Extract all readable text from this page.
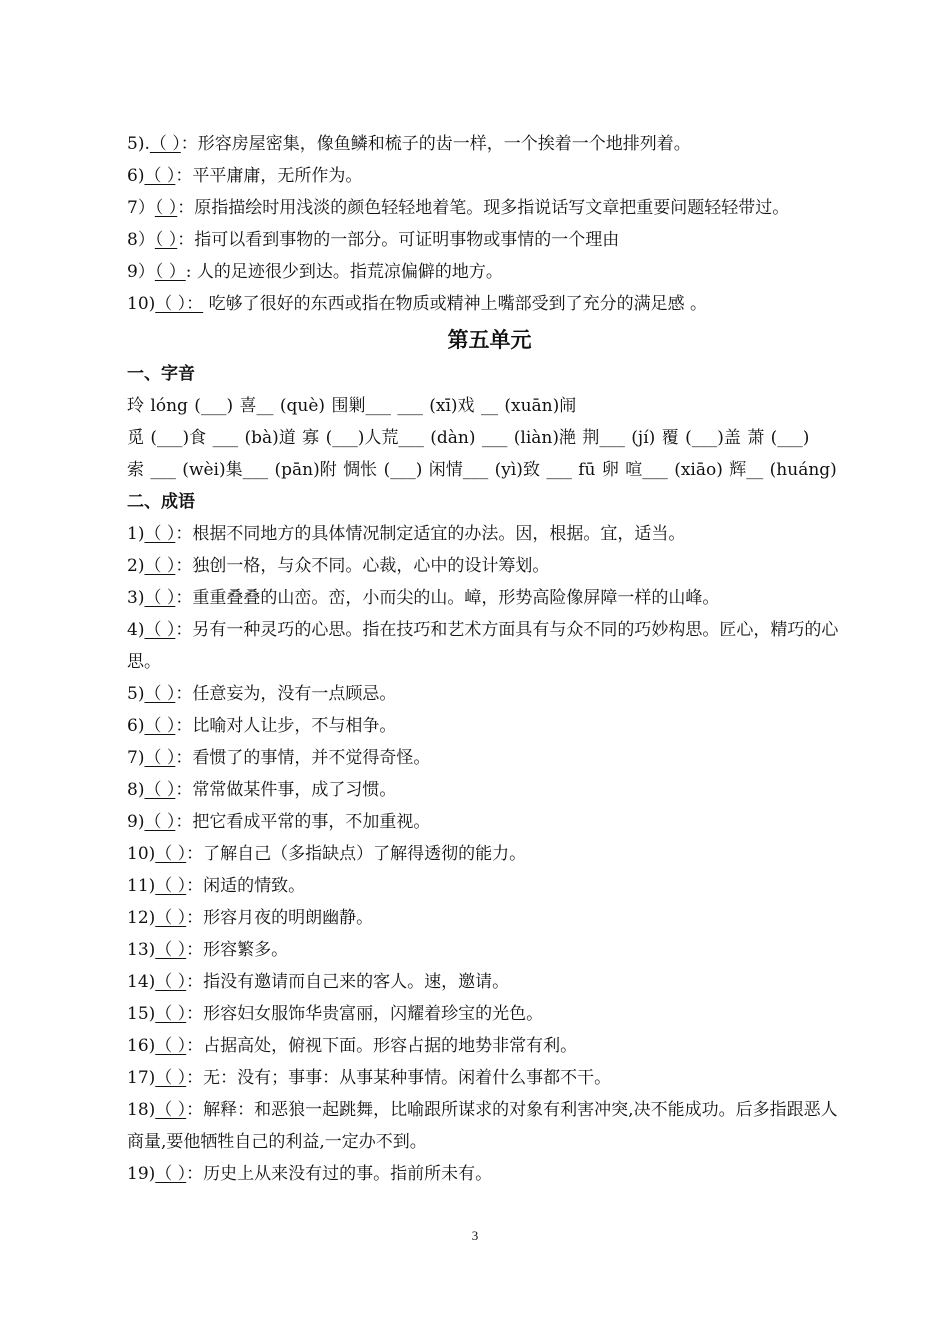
5).（ ）：形容房屋密集，像鱼鳞和梳子的齿一样，一个挨着一个地排列着。
6)（ ）：平平庸庸，无所作为。
7）（ ）：原指描绘时用浅淡的颜色轻轻地着笔。现多指说话写文章把重要问题轻轻带过。
8）（ ）：指可以看到事物的一部分。可证明事物或事情的一个理由
9）（ ）: 人的足迹很少到达。指荒凉偏僻的地方。
10)（ ）： 吃够了很好的东西或指在物质或精神上嘴部受到了充分的满足感 。
第五单元
一、字音
玲 lóng (___) 喜__ (què) 围剿___ ___ (xī)戏 __ (xuān)闹
觅 (___)食 ___ (bà)道 寡 (___)人荒___ (dàn) ___ (liàn)滟 荆___ (jí) 覆 (___)盖 萧 (___)
索 ___ (wèi)集___ (pān)附 惆怅 (___) 闲情___ (yì)致 ___ fū 卵 喧___ (xiāo) 辉__ (huáng)
二、成语
1)（ ）：根据不同地方的具体情况制定适宜的办法。因，根据。宜，适当。
2)（ ）：独创一格，与众不同。心裁，心中的设计筹划。
3)（ ）：重重叠叠的山峦。峦，小而尖的山。嶂，形势高险像屏障一样的山峰。
4)（ ）：另有一种灵巧的心思。指在技巧和艺术方面具有与众不同的巧妙构思。匠心，精巧的心思。
5)（ ）：任意妄为，没有一点顾忌。
6)（ ）：比喻对人让步，不与相争。
7)（ ）：看惯了的事情，并不觉得奇怪。
8)（ ）：常常做某件事，成了习惯。
9)（ ）：把它看成平常的事，不加重视。
10)（ ）：了解自己（多指缺点）了解得透彻的能力。
11)（ ）：闲适的情致。
12)（ ）：形容月夜的明朗幽静。
13)（ ）：形容繁多。
14)（ ）：指没有邀请而自己来的客人。速，邀请。
15)（ ）：形容妇女服饰华贵富丽，闪耀着珍宝的光色。
16)（ ）：占据高处，俯视下面。形容占据的地势非常有利。
17)（ ）：无：没有；事事：从事某种事情。闲着什么事都不干。
18)（ ）：解释：和恶狼一起跳舞，比喻跟所谋求的对象有利害冲突,决不能成功。后多指跟恶人商量,要他牺牲自己的利益,一定办不到。
19)（ ）：历史上从来没有过的事。指前所未有。
3
